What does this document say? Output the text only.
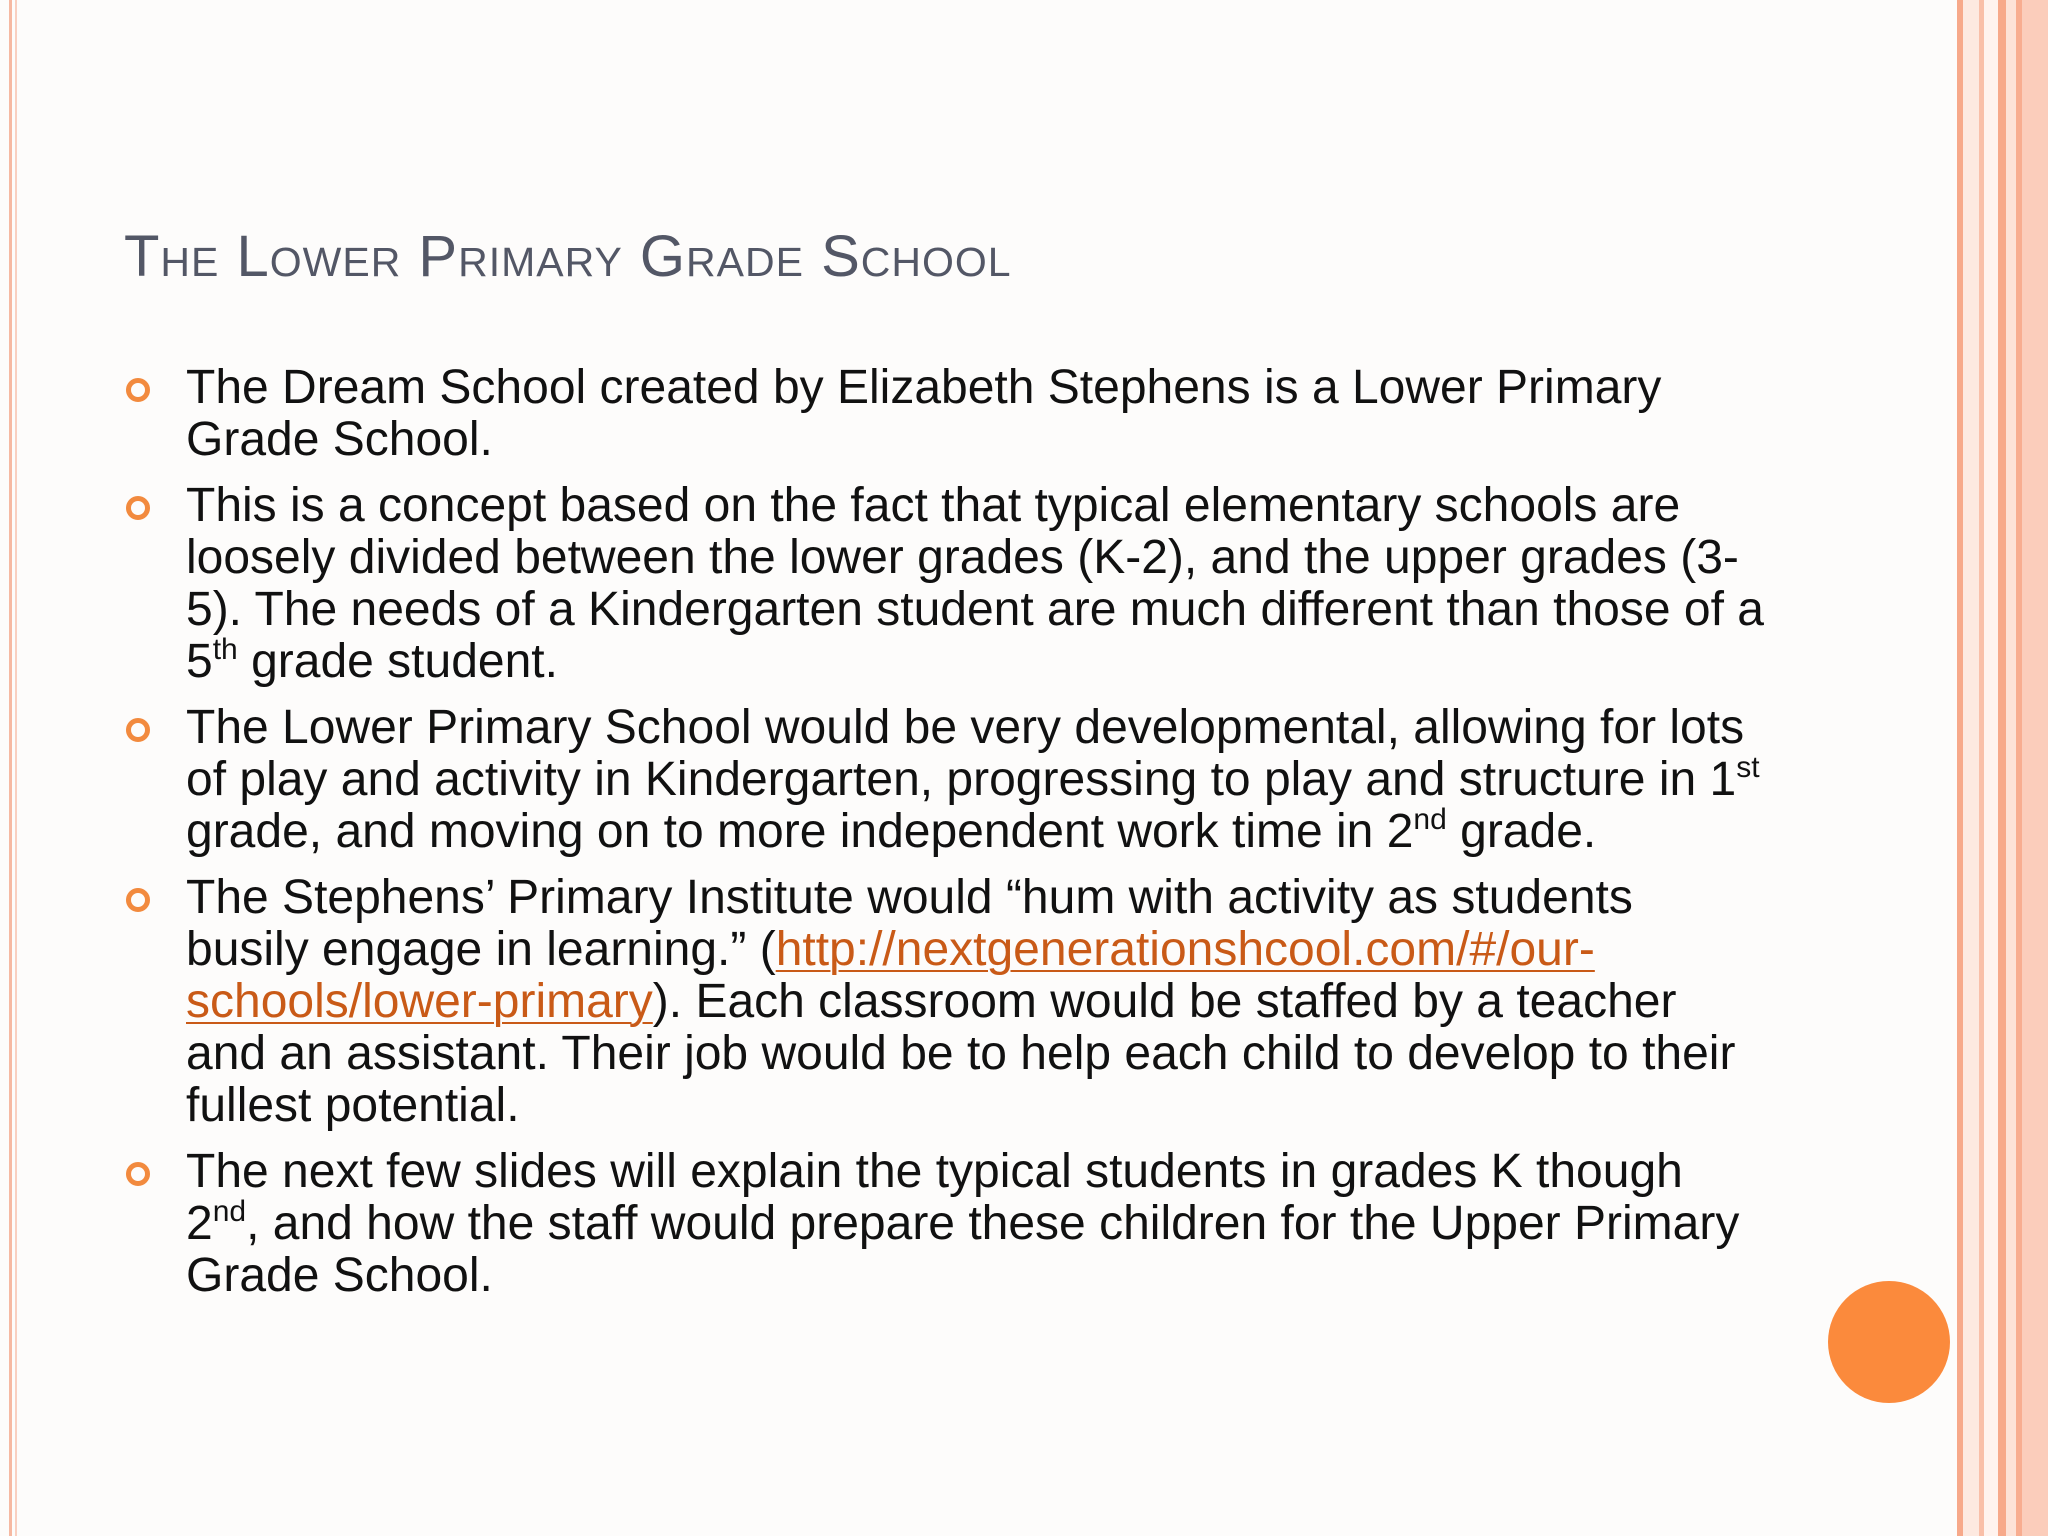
The Lower Primary Grade School
The Dream School created by Elizabeth Stephens is a Lower Primary Grade School.
This is a concept based on the fact that typical elementary schools are loosely divided between the lower grades (K-2), and the upper grades (3-5). The needs of a Kindergarten student are much different than those of a 5th grade student.
The Lower Primary School would be very developmental, allowing for lots of play and activity in Kindergarten, progressing to play and structure in 1st grade, and moving on to more independent work time in 2nd grade.
The Stephens’ Primary Institute would “hum with activity as students busily engage in learning.” (http://nextgenerationshcool.com/#/our-schools/lower-primary). Each classroom would be staffed by a teacher and an assistant. Their job would be to help each child to develop to their fullest potential.
The next few slides will explain the typical students in grades K though 2nd, and how the staff would prepare these children for the Upper Primary Grade School.
